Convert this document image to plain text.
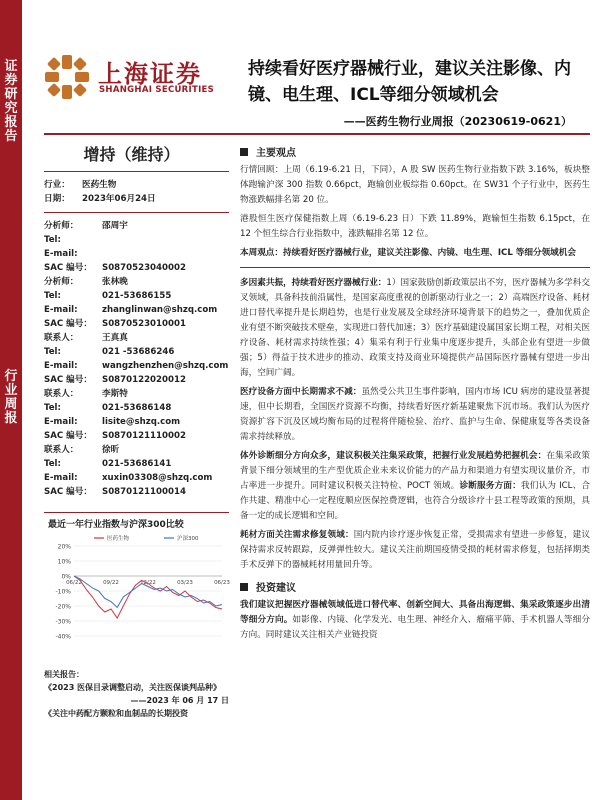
证
券
研
究
报
告
行
业
周
报
上海证券
SHANGHAI SECURITIES
持续看好医疗器械行业，建议关注影像、内镜、电生理、ICL等细分领域机会
——医药生物行业周报（20230619-0621）
增持（维持）
行业：	医药生物
日期：	2023年06月24日
分析师：	邵周宇
Tel:
E-mail:
SAC 编号：	S0870523040002
分析师：	张林晚
Tel:	021-53686155
E-mail:	zhanglinwan@shzq.com
SAC 编号：	S0870523010001
联系人：	王真真
Tel:	021 -53686246
E-mail:	wangzhenzhen@shzq.com
SAC 编号：	S0870122020012
联系人：	李斯特
Tel:	021-53686148
E-mail:	lisite@shzq.com
SAC 编号：	S0870121110002
联系人：	徐昕
Tel:	021-53686141
E-mail:	xuxin03308@shzq.com
SAC 编号：	S0870121100014
最近一年行业指数与沪深300比较
20%
10%
0%
-10%
-20%
-30%
-40%
06/22	09/22	12/22	03/23	06/23
医药生物	沪深300
相关报告：
《2023 医保目录调整启动，关注医保谈判品种》
——2023 年 06 月 17 日
《关注中药配方颗粒和血制品的长期投资
主要观点

行情回顾：上周（6.19-6.21 日，下同），A 股 SW 医药生物行业指数下跌 3.16%，板块整体跑输沪深 300 指数 0.66pct，跑输创业板综指 0.60pct。在 SW31 个子行业中，医药生物涨跌幅排名第 20 位。

港股恒生医疗保健指数上周（6.19-6.23 日）下跌 11.89%，跑输恒生指数 6.15pct，在 12 个恒生综合行业指数中，涨跌幅排名第 12 位。

本周观点：持续看好医疗器械行业，建议关注影像、内镜、电生理、ICL 等细分领域机会

多因素共振，持续看好医疗器械行业：1）国家鼓励创新政策层出不穷，医疗器械为多学科交叉领域，具备科技前沿属性，是国家高度重视的创新驱动行业之一；2）高端医疗设备、耗材进口替代率提升是长期趋势，也是行业发展及全球经济环境背景下的趋势之一，叠加优质企业有望不断突破技术壁垒，实现进口替代加速；3）医疗基础建设属国家长期工程，对相关医疗设备、耗材需求持续性强；4）集采有利于行业集中度逐步提升，头部企业有望进一步做强；5）得益于技术进步的推动、政策支持及商业环境提供产品国际医疗器械有望进一步出海，空间广阔。

医疗设备方面中长期需求不减：虽然受公共卫生事件影响，国内市场 ICU 病房的建设显著提速，但中长期看，全国医疗资源不均衡，持续看好医疗新基建聚焦下沉市场。我们认为医疗资源扩容下沉及区域均衡布局的过程将伴随检验、治疗、监护与生命、保健康复等各类设备需求持续释放。

体外诊断细分方向众多，建议积极关注集采政策，把握行业发展趋势把握机会：在集采政策背景下细分领域里的生产型优质企业未来议价能力的产品力和渠道力有望实现议量价齐，市占率进一步提升。同时建议积极关注特检、POCT 领域。诊断服务方面：我们认为 ICL、合作共建、精准中心一定程度顺应医保控费逻辑，也符合分级诊疗十县工程等政策的预期，具备一定的成长逻辑和空间。

耗材方面关注需求修复领域：国内院内诊疗逐步恢复正常，受损需求有望进一步修复，建议保持需求反转跟踪，反弹弹性较大。建议关注前期国疫情受损的耗材需求修复，包括择期类手术反弹下的器械耗材用量回升等。

投资建议

我们建议把握医疗器械领域低进口替代率、创新空间大、具备出海逻辑、集采政策逐步出清等细分方向。如影像、内镜、化学发光、电生理、神经介入、瘤痛平筛、手术机器人等细分方向。同时建议关注相关产业链投资
